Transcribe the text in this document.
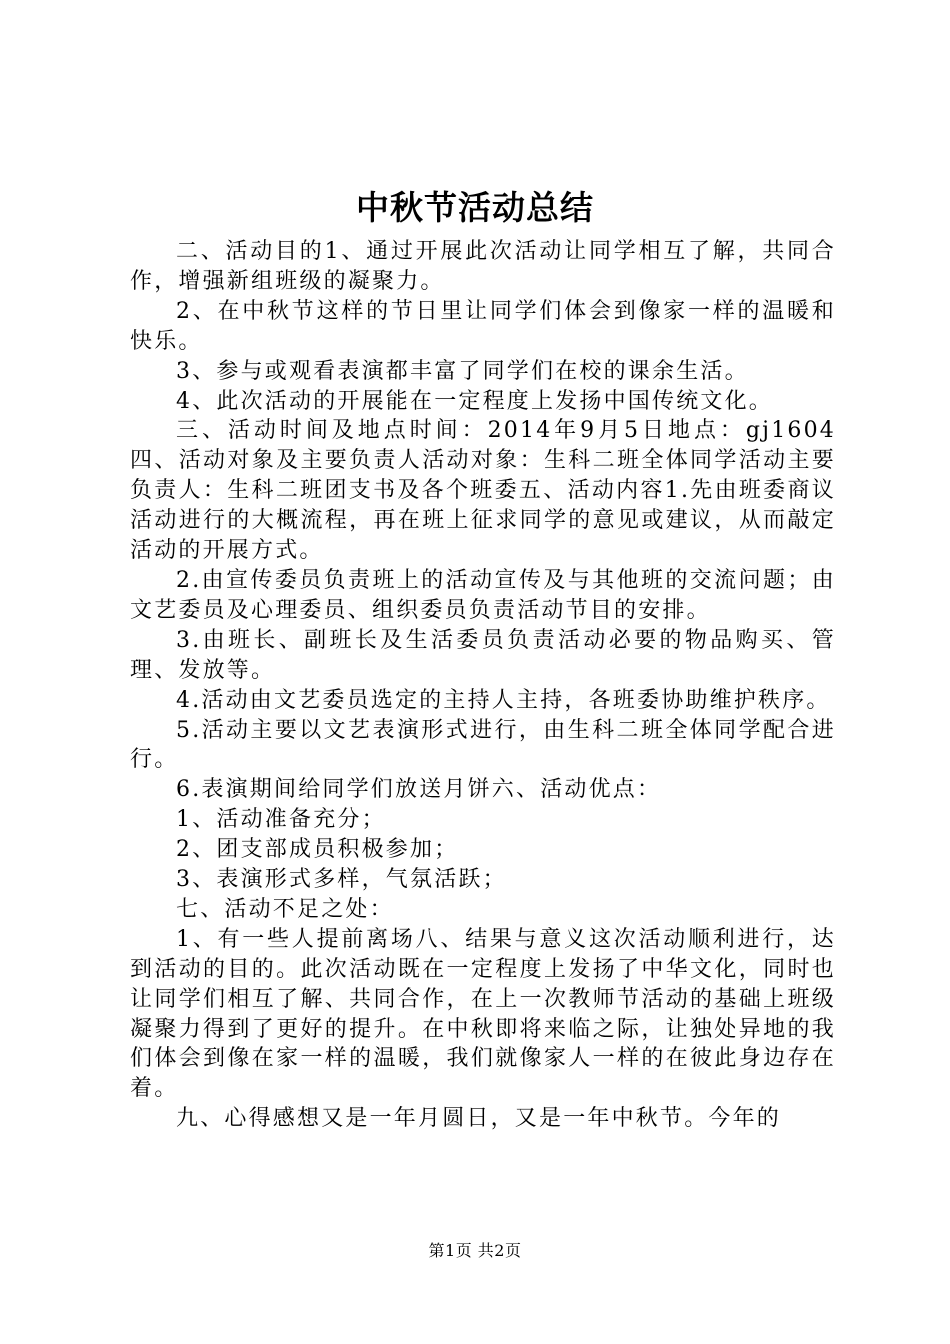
中秋节活动总结

二、活动目的1、通过开展此次活动让同学相互了解，共同合作，增强新组班级的凝聚力。

2、在中秋节这样的节日里让同学们体会到像家一样的温暖和快乐。

3、参与或观看表演都丰富了同学们在校的课余生活。

4、此次活动的开展能在一定程度上发扬中国传统文化。

三、活动时间及地点时间：2014年9月5日地点：gj1604四、活动对象及主要负责人活动对象：生科二班全体同学活动主要负责人：生科二班团支书及各个班委五、活动内容1.先由班委商议活动进行的大概流程，再在班上征求同学的意见或建议，从而敲定活动的开展方式。

2.由宣传委员负责班上的活动宣传及与其他班的交流问题；由文艺委员及心理委员、组织委员负责活动节目的安排。

3.由班长、副班长及生活委员负责活动必要的物品购买、管理、发放等。

4.活动由文艺委员选定的主持人主持，各班委协助维护秩序。

5.活动主要以文艺表演形式进行，由生科二班全体同学配合进行。

6.表演期间给同学们放送月饼六、活动优点：

1、活动准备充分；

2、团支部成员积极参加；

3、表演形式多样，气氛活跃；

七、活动不足之处：

1、有一些人提前离场八、结果与意义这次活动顺利进行，达到活动的目的。此次活动既在一定程度上发扬了中华文化，同时也让同学们相互了解、共同合作，在上一次教师节活动的基础上班级凝聚力得到了更好的提升。在中秋即将来临之际，让独处异地的我们体会到像在家一样的温暖，我们就像家人一样的在彼此身边存在着。

九、心得感想又是一年月圆日，又是一年中秋节。今年的

第1页 共2页
